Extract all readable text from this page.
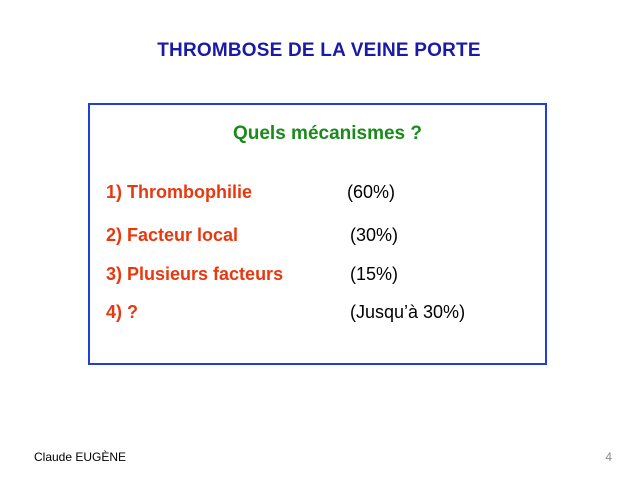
THROMBOSE DE LA VEINE PORTE
Quels mécanismes ?
1) Thrombophilie	(60%)
2) Facteur local	(30%)
3) Plusieurs facteurs	(15%)
4) ?	(Jusqu’à 30%)
Claude EUGÈNE	4
